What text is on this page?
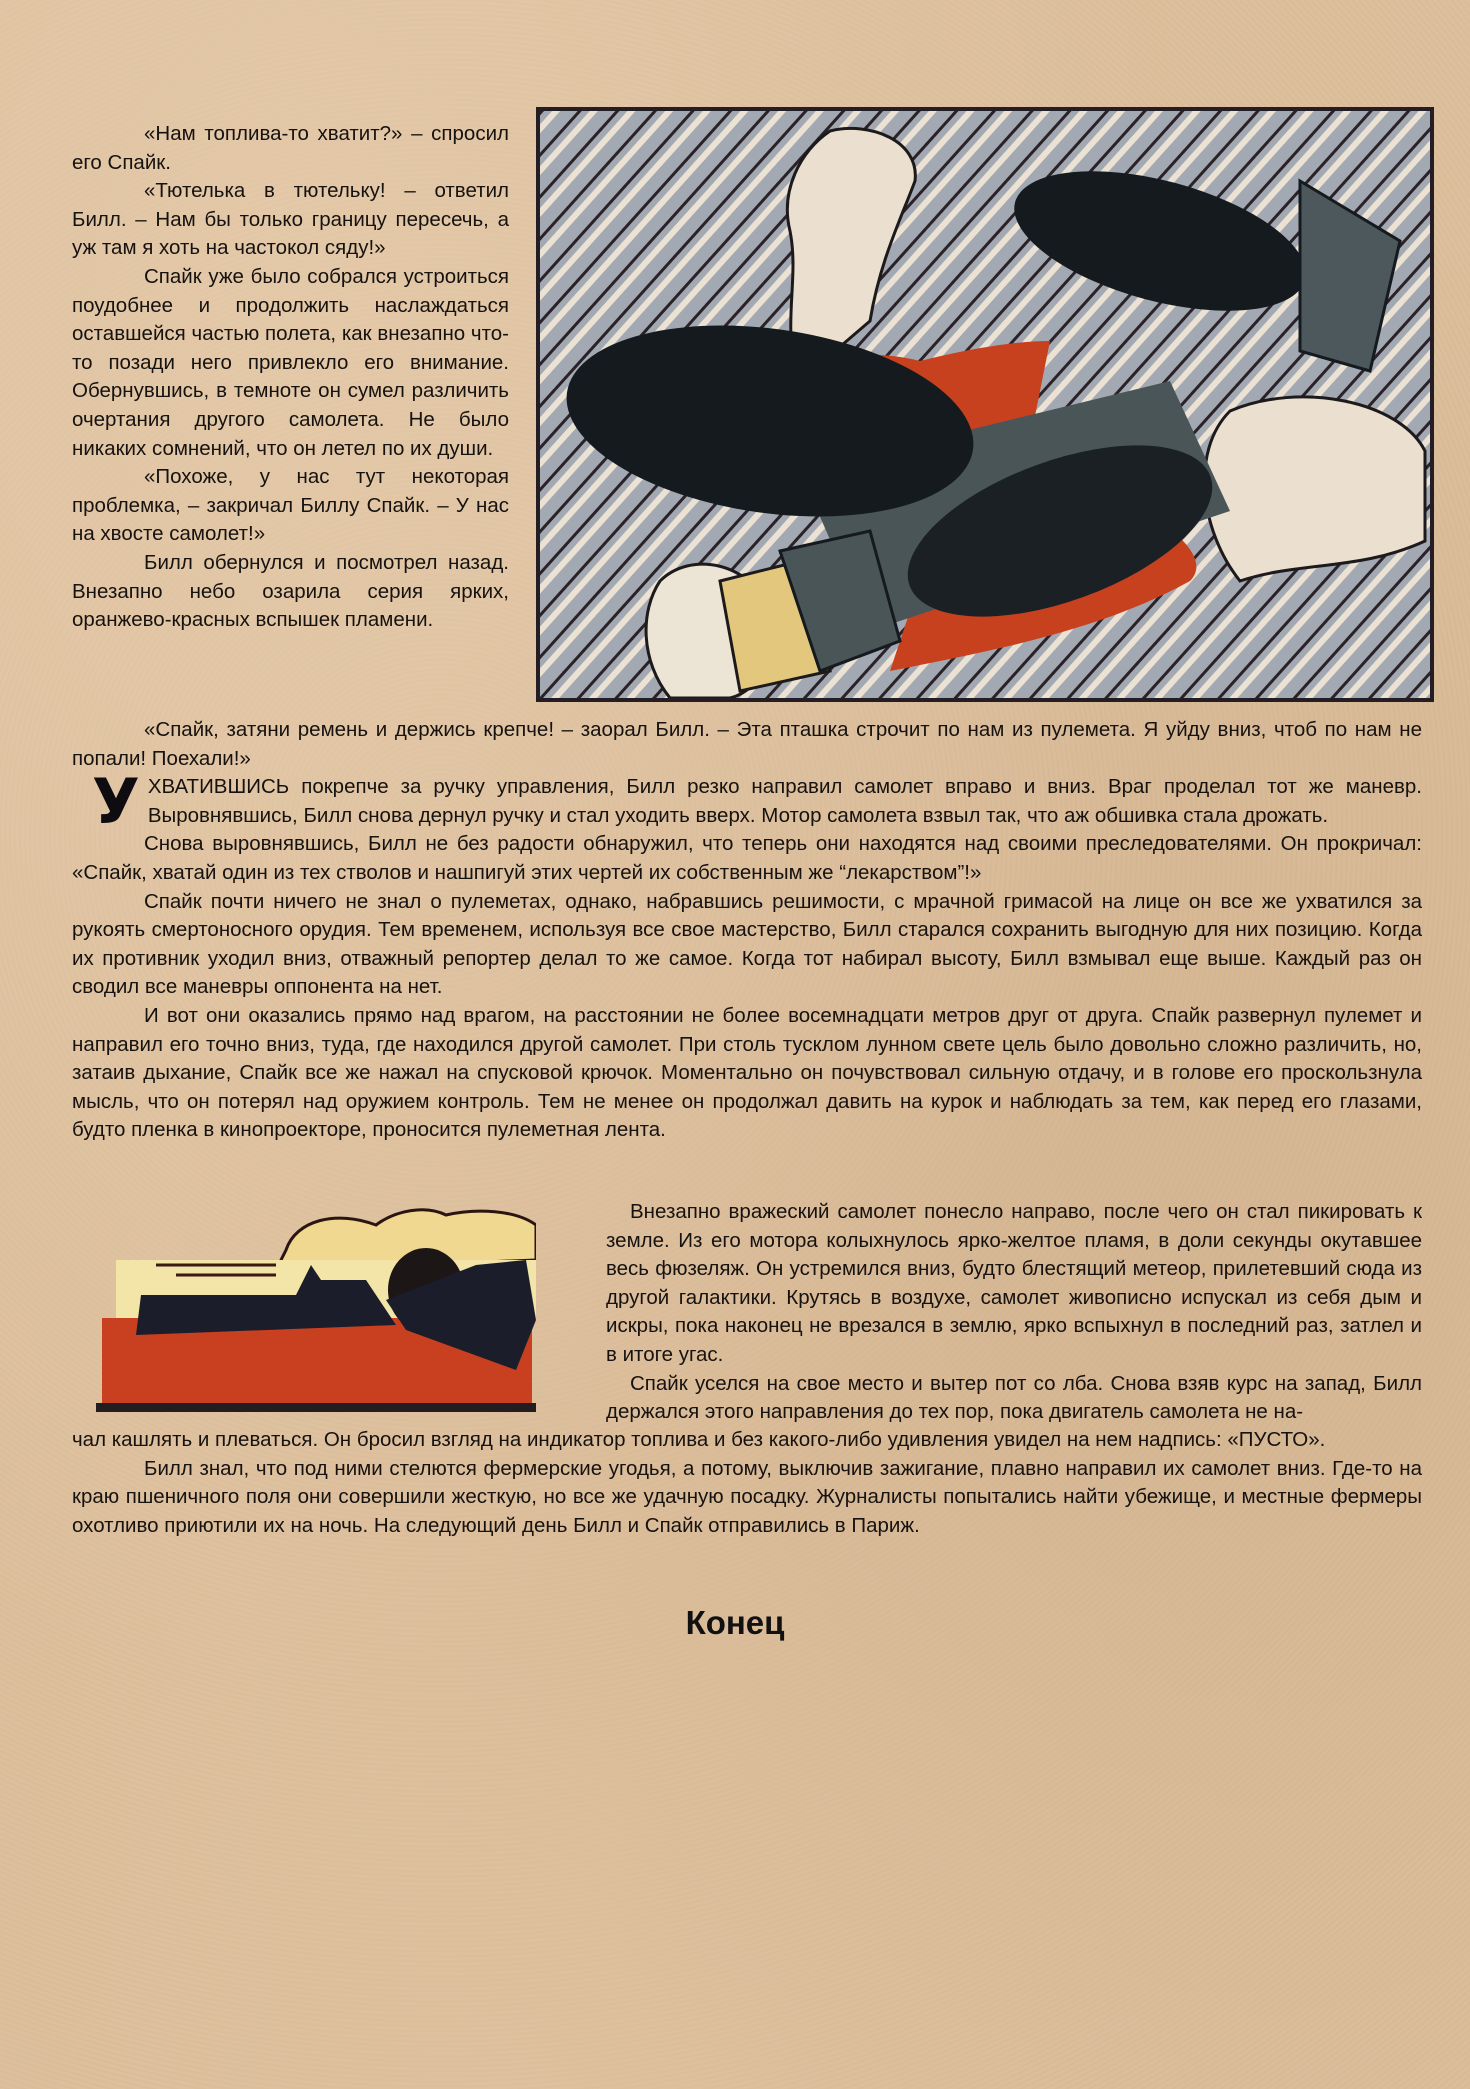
«Нам топлива-то хватит?» – спросил его Спайк.

«Тютелька в тютельку! – ответил Билл. – Нам бы только границу пересечь, а уж там я хоть на частокол сяду!»

Спайк уже было собрался устроиться поудобнее и продолжить наслаждаться оставшейся частью полета, как внезапно что-то позади него привлекло его внимание. Обернувшись, в темноте он сумел различить очертания другого самолета. Не было никаких сомнений, что он летел по их души.

«Похоже, у нас тут некоторая проблемка, – закричал Биллу Спайк. – У нас на хвосте самолет!»

Билл обернулся и посмотрел назад. Внезапно небо озарила серия ярких, оранжево-красных вспышек пламени.

«Спайк, затяни ремень и держись крепче! – заорал Билл. – Эта пташка строчит по нам из пулемета. Я уйду вниз, чтоб по нам не попали! Поехали!»

УХВАТИВШИСЬ покрепче за ручку управления, Билл резко направил самолет вправо и вниз. Враг проделал тот же маневр. Выровнявшись, Билл снова дернул ручку и стал уходить вверх. Мотор самолета взвыл так, что аж обшивка стала дрожать.

Снова выровнявшись, Билл не без радости обнаружил, что теперь они находятся над своими преследователями. Он прокричал: «Спайк, хватай один из тех стволов и нашпигуй этих чертей их собственным же “лекарством”!»

Спайк почти ничего не знал о пулеметах, однако, набравшись решимости, с мрачной гримасой на лице он все же ухватился за рукоять смертоносного орудия. Тем временем, используя все свое мастерство, Билл старался сохранить выгодную для них позицию. Когда их противник уходил вниз, отважный репортер делал то же самое. Когда тот набирал высоту, Билл взмывал еще выше. Каждый раз он сводил все маневры оппонента на нет.

И вот они оказались прямо над врагом, на расстоянии не более восемнадцати метров друг от друга. Спайк развернул пулемет и направил его точно вниз, туда, где находился другой самолет. При столь тусклом лунном свете цель было довольно сложно различить, но, затаив дыхание, Спайк все же нажал на спусковой крючок. Моментально он почувствовал сильную отдачу, и в голове его проскользнула мысль, что он потерял над оружием контроль. Тем не менее он продолжал давить на курок и наблюдать за тем, как перед его глазами, будто пленка в кинопроекторе, проносится пулеметная лента.

Внезапно вражеский самолет понесло направо, после чего он стал пикировать к земле. Из его мотора колыхнулось ярко-желтое пламя, в доли секунды окутавшее весь фюзеляж. Он устремился вниз, будто блестящий метеор, прилетевший сюда из другой галактики. Крутясь в воздухе, самолет живописно испускал из себя дым и искры, пока наконец не врезался в землю, ярко вспыхнул в последний раз, затлел и в итоге угас.

Спайк уселся на свое место и вытер пот со лба. Снова взяв курс на запад, Билл держался этого направления до тех пор, пока двигатель самолета не на-

чал кашлять и плеваться. Он бросил взгляд на индикатор топлива и без какого-либо удивления увидел на нем надпись: «ПУСТО».

Билл знал, что под ними стелются фермерские угодья, а потому, выключив зажигание, плавно направил их самолет вниз. Где-то на краю пшеничного поля они совершили жесткую, но все же удачную посадку. Журналисты попытались найти убежище, и местные фермеры охотливо приютили их на ночь. На следующий день Билл и Спайк отправились в Париж.

Конец
